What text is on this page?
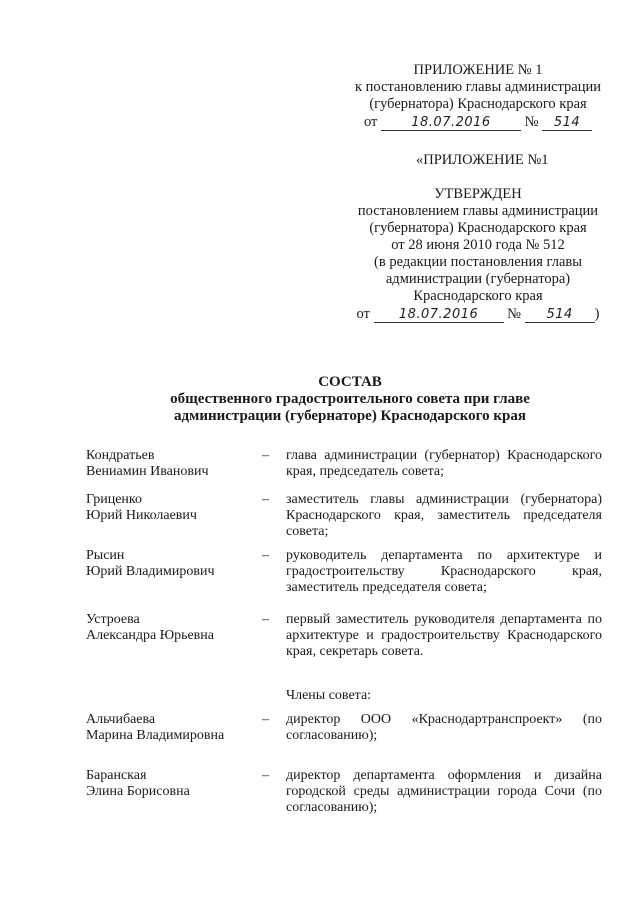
ПРИЛОЖЕНИЕ № 1
к постановлению главы администрации
(губернатора) Краснодарского края
от	18.07.2016 № 514
«ПРИЛОЖЕНИЕ №1
УТВЕРЖДЕН
постановлением главы администрации
(губернатора) Краснодарского края
от 28 июня 2010 года № 512
(в редакции постановления главы
администрации (губернатора)
Краснодарского края
от 18.07.2016 № 514 )
СОСТАВ
общественного градостроительного совета при главе
администрации (губернаторе) Краснодарского края
Кондратьев
Вениамин Иванович
– глава администрации (губернатор) Краснодарского края, председатель совета;
Гриценко
Юрий Николаевич
– заместитель главы администрации (губернатора) Краснодарского края, заместитель председателя совета;
Рысин
Юрий Владимирович
– руководитель департамента по архитектуре и градостроительству Краснодарского края, заместитель председателя совета;
Устроева
Александра Юрьевна
– первый заместитель руководителя департамента по архитектуре и градостроительству Краснодарского края, секретарь совета.
Члены совета:
Альчибаева
Марина Владимировна
– директор ООО «Краснодартранспроект» (по согласованию);
Баранская
Элина Борисовна
– директор департамента оформления и дизайна городской среды администрации города Сочи (по согласованию);
